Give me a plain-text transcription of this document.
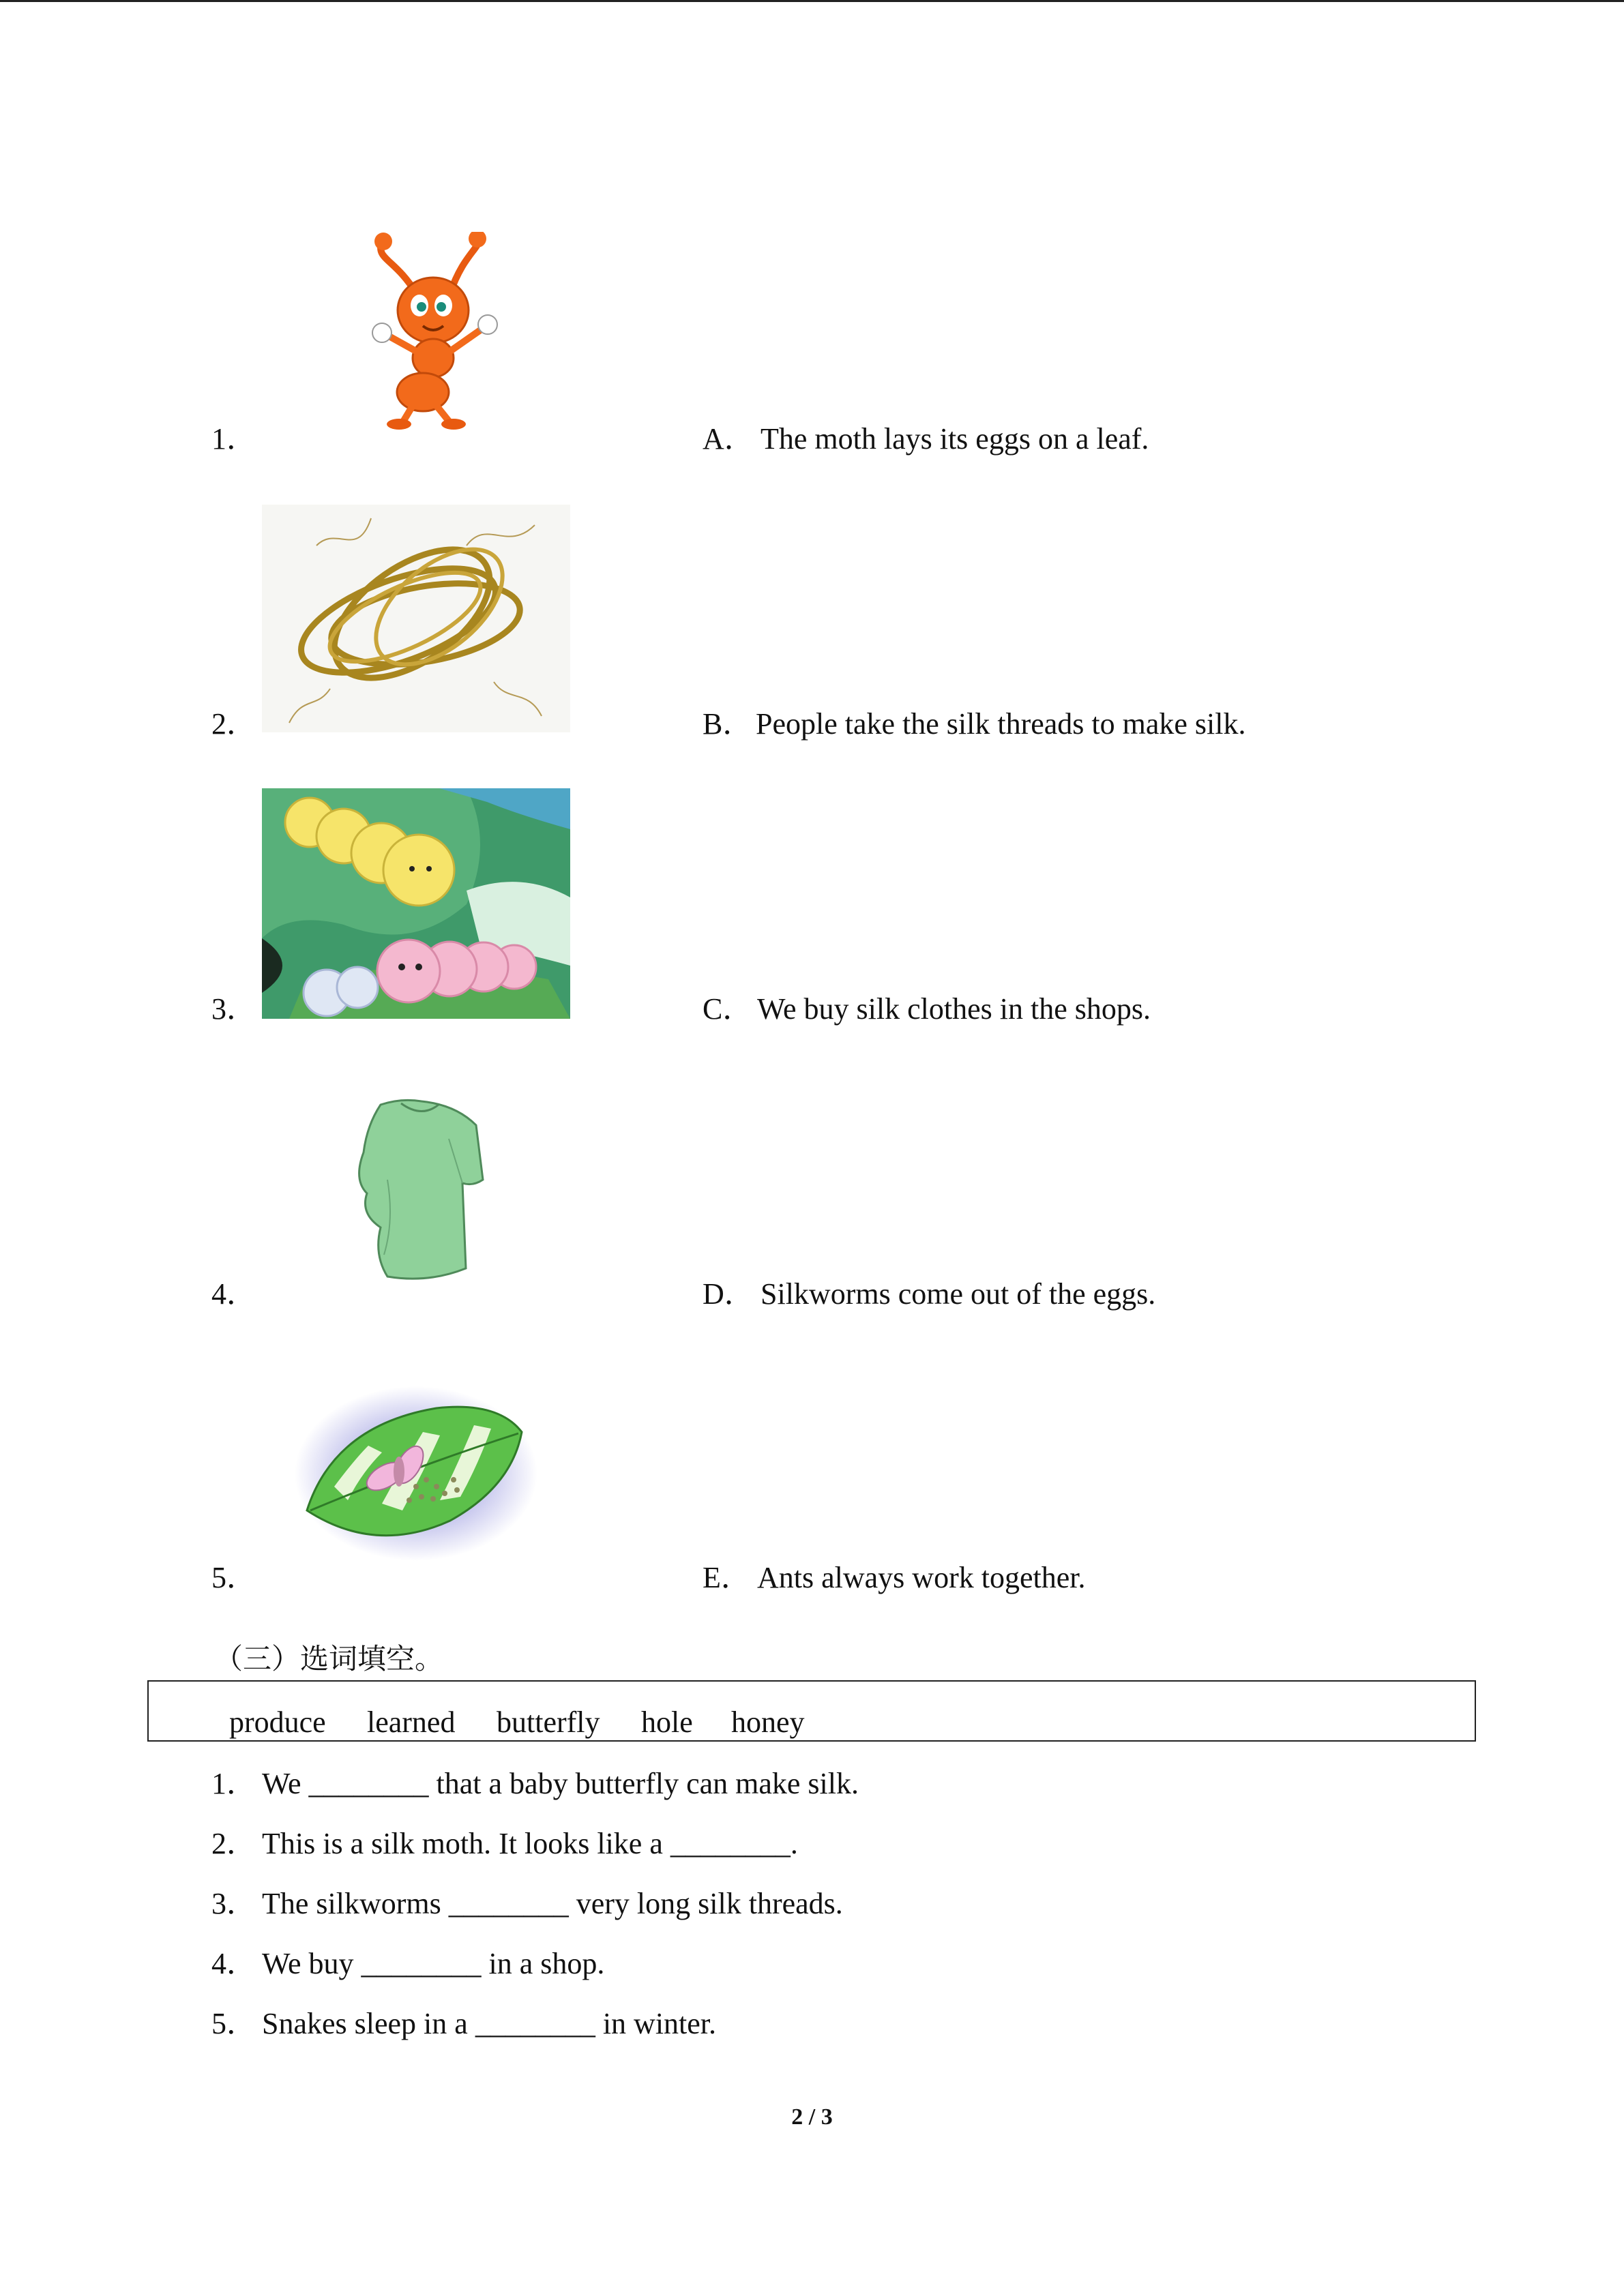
1．	A． The moth lays its eggs on a leaf.
2．	B． People take the silk threads to make silk.
3．	C． We buy silk clothes in the shops.
4．	D． Silkworms come out of the eggs.
5．	E． Ants always work together.
（三）选词填空。
produce learned butterfly hole honey
1． We ________ that a baby butterfly can make silk.
2． This is a silk moth. It looks like a ________.
3． The silkworms ________ very long silk threads.
4． We buy ________ in a shop.
5． Snakes sleep in a ________ in winter.
2 / 3
